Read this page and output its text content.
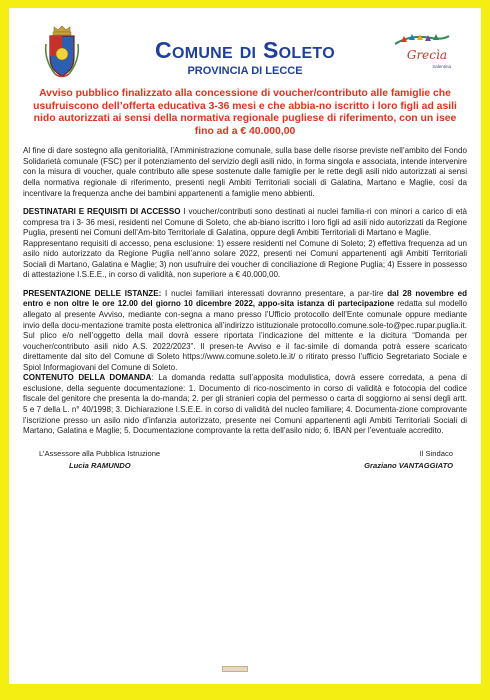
Comune di Soleto
PROVINCIA DI LECCE
Grecìa
Salentina
Avviso pubblico finalizzato alla concessione di voucher/contributo alle famiglie che usufruiscono dell’offerta educativa 3-36 mesi e che abbia-no iscritto i loro figli ad asili nido autorizzati ai sensi della normativa regionale pugliese di riferimento, con un isee fino ad a € 40.000,00

Al fine di dare sostegno alla genitorialità, l’Amministrazione comunale, sulla base delle risorse previste nell’ambito del Fondo Solidarietà comunale (FSC) per il potenziamento del servizio degli asili nido, in forma singola e associata, intende intervenire con la misura di voucher, quale contributo alle spese sostenute dalle famiglie per le rette degli asili nido autorizzati ai sensi della normativa regionale di riferimento, presenti negli Ambiti Territoriali sociali di Galatina, Martano e Maglie, così da incentivare la frequenza anche dei bambini appartenenti a famiglie meno abbienti.

DESTINATARI E REQUISITI DI ACCESSO I voucher/contributi sono destinati ai nuclei familia-ri con minori a carico di età compresa tra i 3- 36 mesi, residenti nel Comune di Soleto, che ab-biano iscritto i loro figli ad asili nido autorizzati da Regione Puglia, presenti nei Comuni dell’Am-bito Territoriale di Galatina, oppure degli Ambiti Territoriali di Martano e Maglie.

Rappresentano requisiti di accesso, pena esclusione: 1) essere residenti nel Comune di Soleto; 2) effettiva frequenza ad un asilo nido autorizzato da Regione Puglia nell’anno solare 2022, presenti nei Comuni appartenenti agli Ambiti Territoriali Sociali di Martano, Galatina e Maglie; 3) non usufruire dei voucher di conciliazione di Regione Puglia; 4) Essere in possesso di attestazione I.S.E.E., in corso di validità, non superiore a € 40.000,00.

PRESENTAZIONE DELLE ISTANZE: I nuclei familiari interessati dovranno presentare, a par-tire dal 28 novembre ed entro e non oltre le ore 12.00 del giorno 10 dicembre 2022, appo-sita istanza di partecipazione redatta sul modello allegato al presente Avviso, mediante con-segna a mano presso l’Ufficio protocollo dell’Ente comunale oppure mediante invio della docu-mentazione tramite posta elettronica all’indirizzo istituzionale protocollo.comune.sole-to@pec.rupar.puglia.it. Sul plico e/o nell’oggetto della mail dovrà essere riportata l’indicazione del mittente e la dicitura “Domanda per voucher/contributo asili nido A.S. 2022/2023”. Il presen-te Avviso e il fac-simile di domanda potrà essere scaricato direttamente dal sito del Comune di Soleto https://www.comune.soleto.le.it/ o ritirato presso l’ufficio Segretariato Sociale e Spiol Informagiovani del Comune di Soleto.

CONTENUTO DELLA DOMANDA: La domanda redatta sull’apposita modulistica, dovrà essere corredata, a pena di esclusione, della seguente documentazione: 1. Documento di rico-noscimento in corso di validità e fotocopia del codice fiscale del genitore che presenta la do-manda; 2. per gli stranieri copia del permesso o carta di soggiorno ai sensi degli artt. 5 e 7 della L. n° 40/1998; 3. Dichiarazione I.S.E.E. in corso di validità del nucleo familiare; 4. Documenta-zione comprovante l’iscrizione presso un asilo nido d’infanzia autorizzato, presente nei Comuni appartenenti agli Ambiti Territoriali Sociali di Martano, Galatina e Maglie; 5. Documentazione comprovante la retta dell’asilo nido; 6. IBAN per l’eventuale accredito.

L’Assessore alla Pubblica Istruzione
Lucia RAMUNDO
Il Sindaco
Graziano VANTAGGIATO
